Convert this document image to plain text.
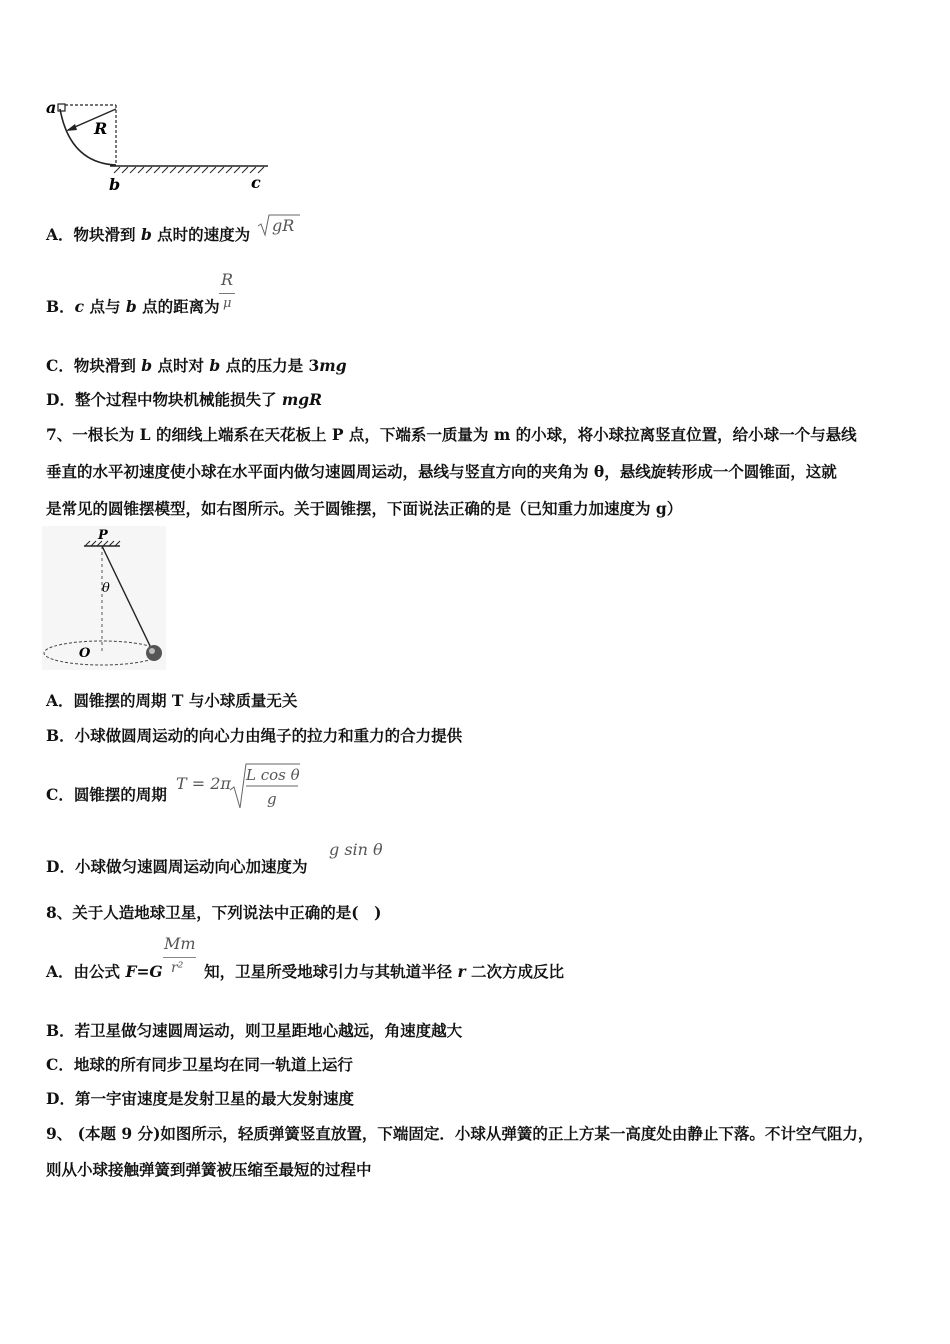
a
R
b	c
A．物块滑到 b 点时的速度为 gR
B．c 点与 b 点的距离为
R
μ
C．物块滑到 b 点时对 b 点的压力是 3mg
D．整个过程中物块机械能损失了 mgR
7、一根长为 L 的细线上端系在天花板上 P 点，下端系一质量为 m 的小球，将小球拉离竖直位置，给小球一个与悬线
垂直的水平初速度使小球在水平面内做匀速圆周运动，悬线与竖直方向的夹角为 θ，悬线旋转形成一个圆锥面，这就
是常见的圆锥摆模型，如右图所示。关于圆锥摆，下面说法正确的是（已知重力加速度为 g）
P
θ
O
A．圆锥摆的周期 T 与小球质量无关
B．小球做圆周运动的向心力由绳子的拉力和重力的合力提供
C．圆锥摆的周期
T = 2π L cos θ
g
D．小球做匀速圆周运动向心加速度为
g sin θ
8、关于人造地球卫星，下列说法中正确的是(　)
A．由公式 F=G 知，卫星所受地球引力与其轨道半径 r 二次方成反比
Mm
r²
B．若卫星做匀速圆周运动，则卫星距地心越远，角速度越大
C．地球的所有同步卫星均在同一轨道上运行
D．第一宇宙速度是发射卫星的最大发射速度
9、 (本题 9 分)如图所示，轻质弹簧竖直放置，下端固定．小球从弹簧的正上方某一高度处由静止下落。不计空气阻力，
则从小球接触弹簧到弹簧被压缩至最短的过程中
